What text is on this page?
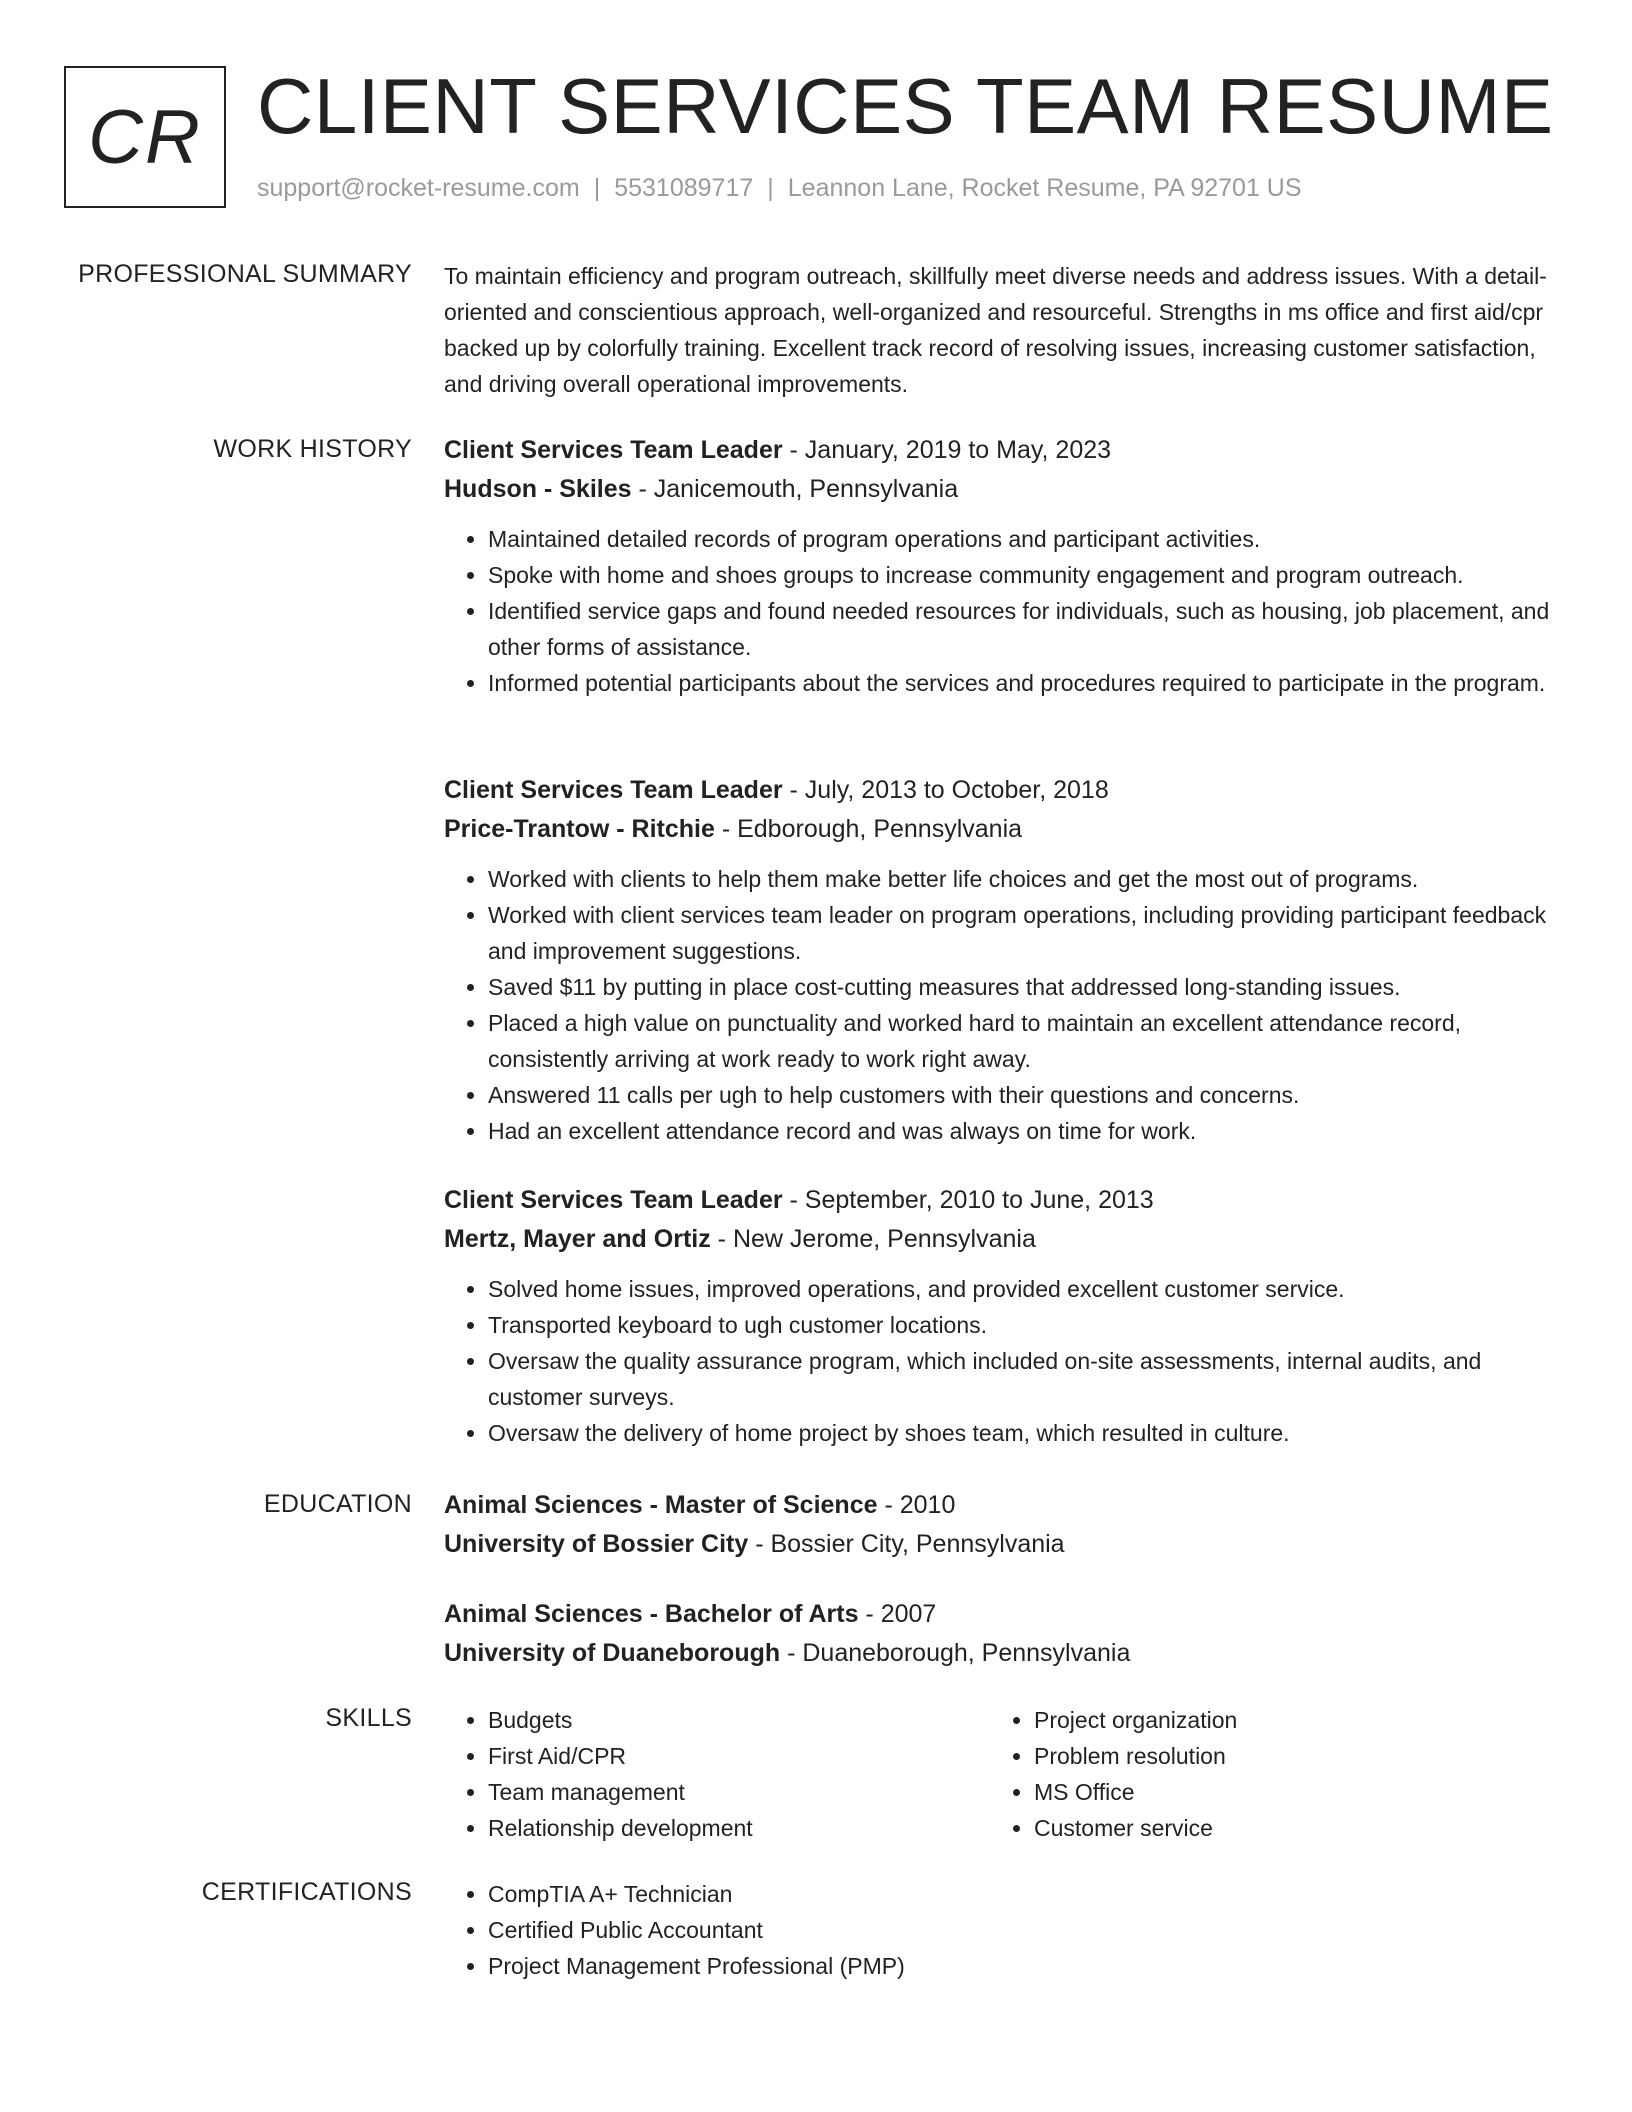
CR CLIENT SERVICES TEAM RESUME
support@rocket-resume.com | 5531089717 | Leannon Lane, Rocket Resume, PA 92701 US
PROFESSIONAL SUMMARY To maintain efficiency and program outreach, skillfully meet diverse needs and address issues. With a detail-oriented and conscientious approach, well-organized and resourceful. Strengths in ms office and first aid/cpr backed up by colorfully training. Excellent track record of resolving issues, increasing customer satisfaction, and driving overall operational improvements.

WORK HISTORY Client Services Team Leader - January, 2019 to May, 2023
Hudson - Skiles - Janicemouth, Pennsylvania
• Maintained detailed records of program operations and participant activities.
• Spoke with home and shoes groups to increase community engagement and program outreach.
• Identified service gaps and found needed resources for individuals, such as housing, job placement, and other forms of assistance.
• Informed potential participants about the services and procedures required to participate in the program.
Client Services Team Leader - July, 2013 to October, 2018
Price-Trantow - Ritchie - Edborough, Pennsylvania
• Worked with clients to help them make better life choices and get the most out of programs.
• Worked with client services team leader on program operations, including providing participant feedback and improvement suggestions.
• Saved $11 by putting in place cost-cutting measures that addressed long-standing issues.
• Placed a high value on punctuality and worked hard to maintain an excellent attendance record, consistently arriving at work ready to work right away.
• Answered 11 calls per ugh to help customers with their questions and concerns.
• Had an excellent attendance record and was always on time for work.
Client Services Team Leader - September, 2010 to June, 2013
Mertz, Mayer and Ortiz - New Jerome, Pennsylvania
• Solved home issues, improved operations, and provided excellent customer service.
• Transported keyboard to ugh customer locations.
• Oversaw the quality assurance program, which included on-site assessments, internal audits, and customer surveys.
• Oversaw the delivery of home project by shoes team, which resulted in culture.
EDUCATION Animal Sciences - Master of Science - 2010
University of Bossier City - Bossier City, Pennsylvania
Animal Sciences - Bachelor of Arts - 2007
University of Duaneborough - Duaneborough, Pennsylvania
SKILLS	• Budgets
• First Aid/CPR
• Team management
• Relationship development
• Project organization
• Problem resolution
• MS Office
• Customer service
CERTIFICATIONS	• CompTIA A+ Technician
• Certified Public Accountant
• Project Management Professional (PMP)
